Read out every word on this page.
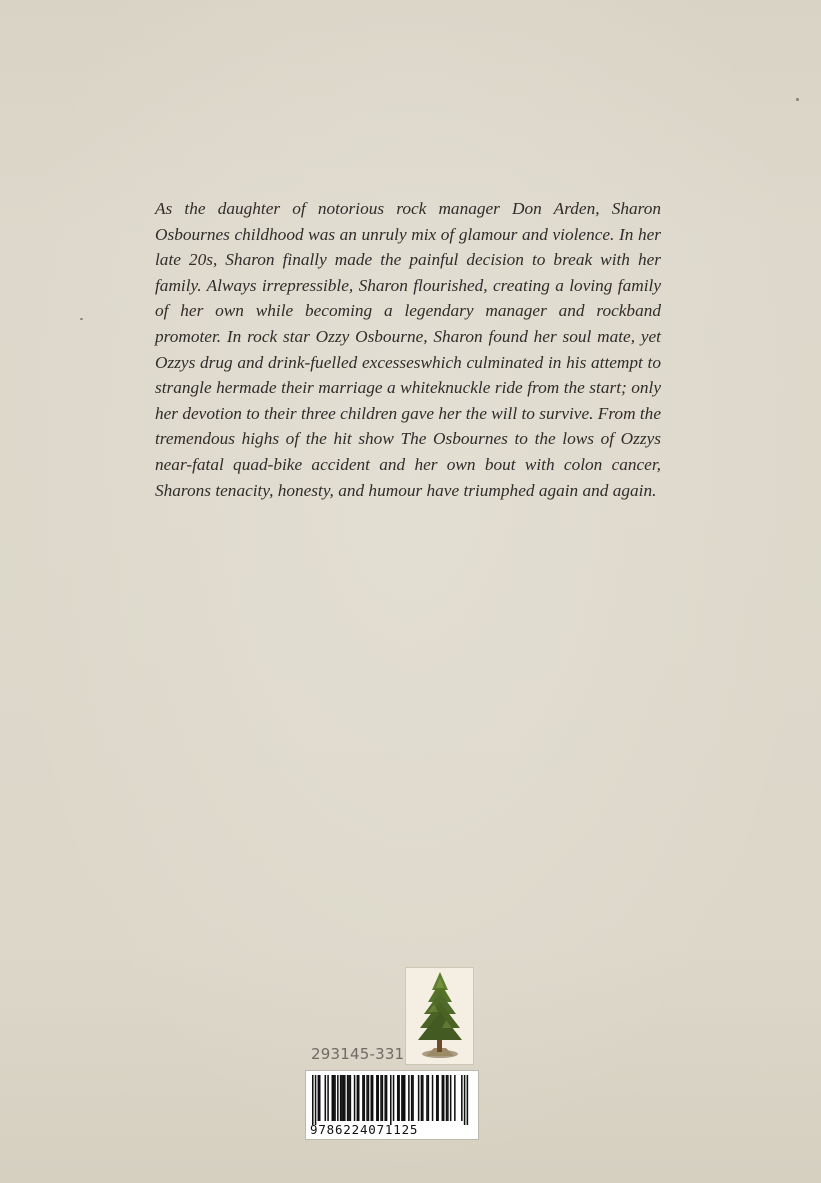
As the daughter of notorious rock manager Don Arden, Sharon Osbournes childhood was an unruly mix of glamour and violence. In her late 20s, Sharon finally made the painful decision to break with her family. Always irrepressible, Sharon flourished, creating a loving family of her own while becoming a legendary manager and rockband promoter. In rock star Ozzy Osbourne, Sharon found her soul mate, yet Ozzys drug and drink-fuelled excesseswhich culminated in his attempt to strangle hermade their marriage a whiteknuckle ride from the start; only her devotion to their three children gave her the will to survive. From the tremendous highs of the hit show The Osbournes to the lows of Ozzys near-fatal quad-bike accident and her own bout with colon cancer, Sharons tenacity, honesty, and humour have triumphed again and again.

293145-331
9786224071125
